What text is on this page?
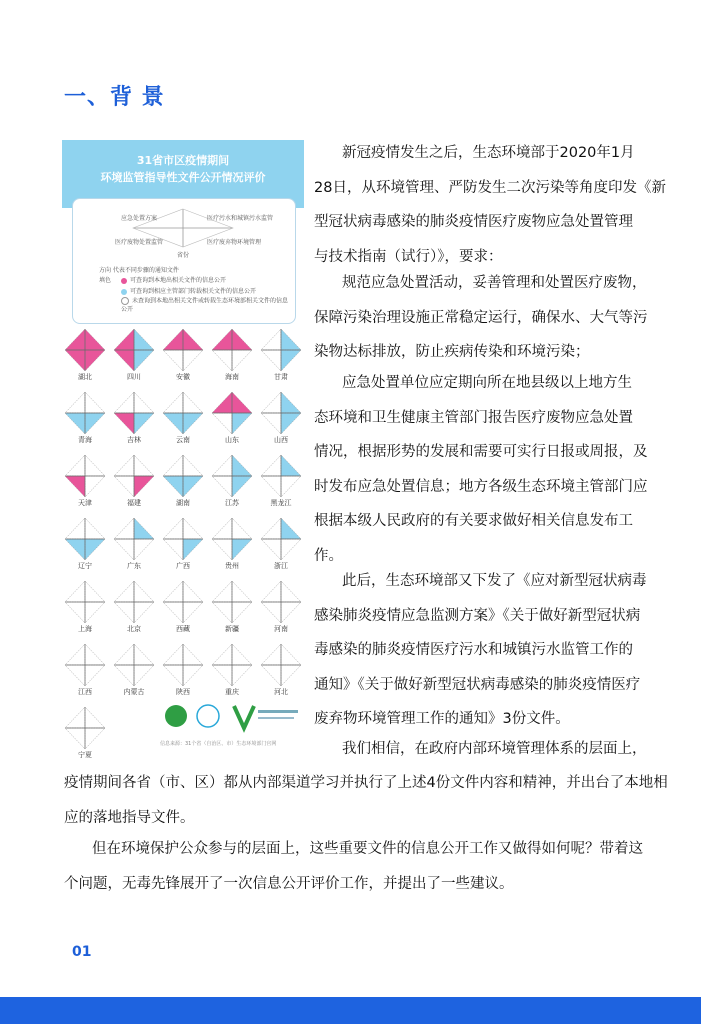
一、背 景
31省市区疫情期间
环境监管指导性文件公开情况评价
应急处置方案	医疗污水和城镇污水监管
医疗废物处置监管	医疗废弃物环境管理
省份
方向 代表不同步骤的通知文件
填色	可查询到本地出相关文件的信息公开
可查询到相应主管部门转载相关文件的信息公开
未查询到本地出相关文件或转载生态环境部相关文件的信息公开
湖北	四川	安徽	海南	甘肃
青海	吉林	云南	山东	山西
天津	福建	湖南	江苏	黑龙江
辽宁	广东	广西	贵州	浙江
上海	北京	西藏	新疆	河南
江西	内蒙古	陕西	重庆	河北
宁夏
信息来源：31个省（自治区、市）生态环境部门官网
新冠疫情发生之后，生态环境部于2020年1月
28日，从环境管理、严防发生二次污染等角度印发《新
型冠状病毒感染的肺炎疫情医疗废物应急处置管理
与技术指南（试行）》，要求：
规范应急处置活动，妥善管理和处置医疗废物，
保障污染治理设施正常稳定运行，确保水、大气等污
染物达标排放，防止疾病传染和环境污染；
应急处置单位应定期向所在地县级以上地方生
态环境和卫生健康主管部门报告医疗废物应急处置
情况，根据形势的发展和需要可实行日报或周报，及
时发布应急处置信息；地方各级生态环境主管部门应
根据本级人民政府的有关要求做好相关信息发布工
作。
此后，生态环境部又下发了《应对新型冠状病毒
感染肺炎疫情应急监测方案》《关于做好新型冠状病
毒感染的肺炎疫情医疗污水和城镇污水监管工作的
通知》《关于做好新型冠状病毒感染的肺炎疫情医疗
废弃物环境管理工作的通知》3份文件。
我们相信，在政府内部环境管理体系的层面上，
疫情期间各省（市、区）都从内部渠道学习并执行了上述4份文件内容和精神，并出台了本地相
应的落地指导文件。
但在环境保护公众参与的层面上，这些重要文件的信息公开工作又做得如何呢？带着这
个问题，无毒先锋展开了一次信息公开评价工作，并提出了一些建议。
01
